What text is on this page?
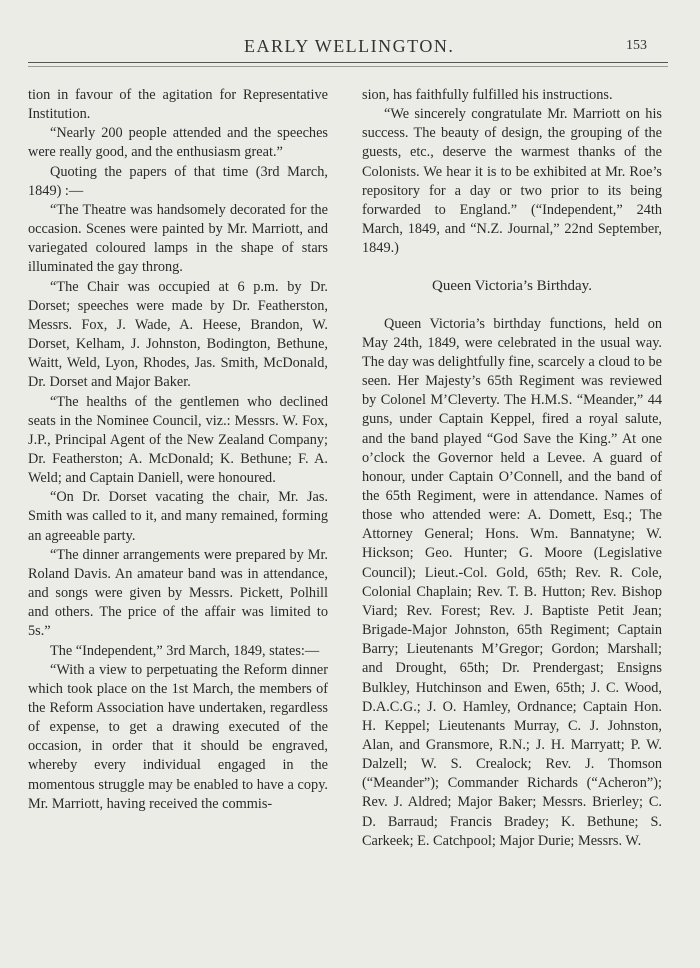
EARLY WELLINGTON.	153

tion in favour of the agitation for Representative Institution.

“Nearly 200 people attended and the speeches were really good, and the enthusiasm great.”

Quoting the papers of that time (3rd March, 1849) :—

“The Theatre was handsomely decorated for the occasion. Scenes were painted by Mr. Marriott, and variegated coloured lamps in the shape of stars illuminated the gay throng.

“The Chair was occupied at 6 p.m. by Dr. Dorset; speeches were made by Dr. Featherston, Messrs. Fox, J. Wade, A. Heese, Brandon, W. Dorset, Kelham, J. Johnston, Bodington, Bethune, Waitt, Weld, Lyon, Rhodes, Jas. Smith, McDonald, Dr. Dorset and Major Baker.

“The healths of the gentlemen who declined seats in the Nominee Council, viz.: Messrs. W. Fox, J.P., Principal Agent of the New Zealand Company; Dr. Featherston; A. McDonald; K. Bethune; F. A. Weld; and Captain Daniell, were honoured.

“On Dr. Dorset vacating the chair, Mr. Jas. Smith was called to it, and many remained, forming an agreeable party.

“The dinner arrangements were prepared by Mr. Roland Davis. An amateur band was in attendance, and songs were given by Messrs. Pickett, Polhill and others. The price of the affair was limited to 5s.”

The “Independent,” 3rd March, 1849, states:—

“With a view to perpetuating the Reform dinner which took place on the 1st March, the members of the Reform Association have undertaken, regardless of expense, to get a drawing executed of the occasion, in order that it should be engraved, whereby every individual engaged in the momentous struggle may be enabled to have a copy. Mr. Marriott, having received the commis-

sion, has faithfully fulfilled his instructions.

“We sincerely congratulate Mr. Marriott on his success. The beauty of design, the grouping of the guests, etc., deserve the warmest thanks of the Colonists. We hear it is to be exhibited at Mr. Roe’s repository for a day or two prior to its being forwarded to England.” (“Independent,” 24th March, 1849, and “N.Z. Journal,” 22nd September, 1849.)

Queen Victoria’s Birthday.

Queen Victoria’s birthday functions, held on May 24th, 1849, were celebrated in the usual way. The day was delightfully fine, scarcely a cloud to be seen. Her Majesty’s 65th Regiment was reviewed by Colonel M’Cleverty. The H.M.S. “Meander,” 44 guns, under Captain Keppel, fired a royal salute, and the band played “God Save the King.” At one o’clock the Governor held a Levee. A guard of honour, under Captain O’Connell, and the band of the 65th Regiment, were in attendance. Names of those who attended were: A. Domett, Esq.; The Attorney General; Hons. Wm. Bannatyne; W. Hickson; Geo. Hunter; G. Moore (Legislative Council); Lieut.-Col. Gold, 65th; Rev. R. Cole, Colonial Chaplain; Rev. T. B. Hutton; Rev. Bishop Viard; Rev. Forest; Rev. J. Baptiste Petit Jean; Brigade-Major Johnston, 65th Regiment; Captain Barry; Lieutenants M’Gregor; Gordon; Marshall; and Drought, 65th; Dr. Prendergast; Ensigns Bulkley, Hutchinson and Ewen, 65th; J. C. Wood, D.A.C.G.; J. O. Hamley, Ordnance; Captain Hon. H. Keppel; Lieutenants Murray, C. J. Johnston, Alan, and Gransmore, R.N.; J. H. Marryatt; P. W. Dalzell; W. S. Crealock; Rev. J. Thomson (“Meander”); Commander Richards (“Acheron”); Rev. J. Aldred; Major Baker; Messrs. Brierley; C. D. Barraud; Francis Bradey; K. Bethune; S. Carkeek; E. Catchpool; Major Durie; Messrs. W.
